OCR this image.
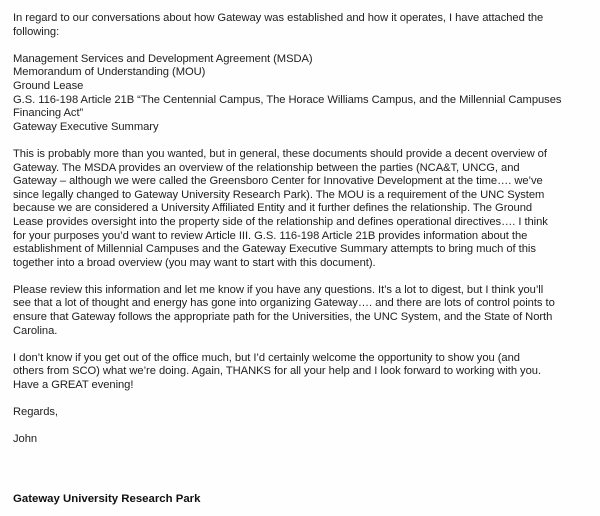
In regard to our conversations about how Gateway was established and how it operates, I have attached the
following:

Management Services and Development Agreement (MSDA)
Memorandum of Understanding (MOU)
Ground Lease
G.S. 116-198 Article 21B “The Centennial Campus, The Horace Williams Campus, and the Millennial Campuses
Financing Act”
Gateway Executive Summary

This is probably more than you wanted, but in general, these documents should provide a decent overview of
Gateway. The MSDA provides an overview of the relationship between the parties (NCA&T, UNCG, and
Gateway – although we were called the Greensboro Center for Innovative Development at the time…. we’ve
since legally changed to Gateway University Research Park). The MOU is a requirement of the UNC System
because we are considered a University Affiliated Entity and it further defines the relationship. The Ground
Lease provides oversight into the property side of the relationship and defines operational directives…. I think
for your purposes you’d want to review Article III. G.S. 116-198 Article 21B provides information about the
establishment of Millennial Campuses and the Gateway Executive Summary attempts to bring much of this
together into a broad overview (you may want to start with this document).

Please review this information and let me know if you have any questions. It’s a lot to digest, but I think you’ll
see that a lot of thought and energy has gone into organizing Gateway…. and there are lots of control points to
ensure that Gateway follows the appropriate path for the Universities, the UNC System, and the State of North
Carolina.

I don’t know if you get out of the office much, but I’d certainly welcome the opportunity to show you (and
others from SCO) what we’re doing. Again, THANKS for all your help and I look forward to working with you.
Have a GREAT evening!

Regards,

John

Gateway University Research Park
